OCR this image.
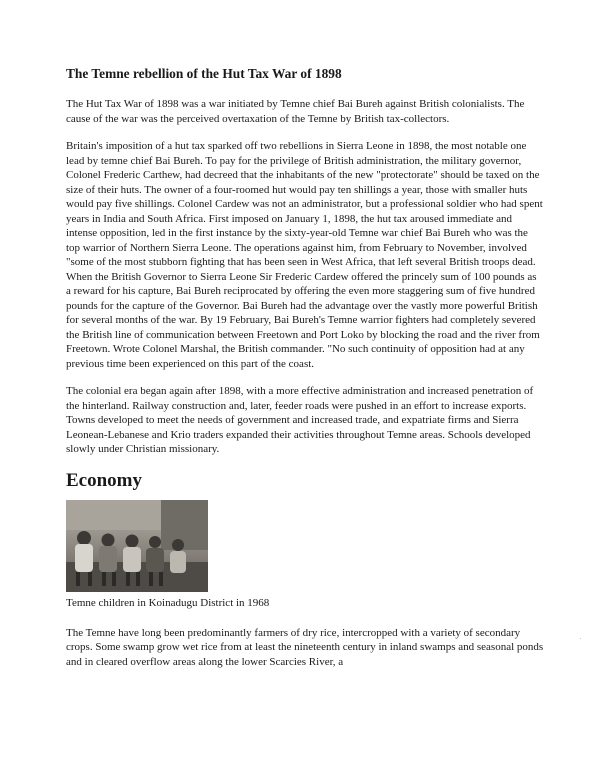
The Temne rebellion of the Hut Tax War of 1898

The Hut Tax War of 1898 was a war initiated by Temne chief Bai Bureh against British colonialists. The cause of the war was the perceived overtaxation of the Temne by British tax-collectors.

Britain's imposition of a hut tax sparked off two rebellions in Sierra Leone in 1898, the most notable one lead by temne chief Bai Bureh. To pay for the privilege of British administration, the military governor, Colonel Frederic Carthew, had decreed that the inhabitants of the new "protectorate" should be taxed on the size of their huts. The owner of a four-roomed hut would pay ten shillings a year, those with smaller huts would pay five shillings. Colonel Cardew was not an administrator, but a professional soldier who had spent years in India and South Africa. First imposed on January 1, 1898, the hut tax aroused immediate and intense opposition, led in the first instance by the sixty-year-old Temne war chief Bai Bureh who was the top warrior of Northern Sierra Leone. The operations against him, from February to November, involved "some of the most stubborn fighting that has been seen in West Africa, that left several British troops dead. When the British Governor to Sierra Leone Sir Frederic Cardew offered the princely sum of 100 pounds as a reward for his capture, Bai Bureh reciprocated by offering the even more staggering sum of five hundred pounds for the capture of the Governor. Bai Bureh had the advantage over the vastly more powerful British for several months of the war. By 19 February, Bai Bureh's Temne warrior fighters had completely severed the British line of communication between Freetown and Port Loko by blocking the road and the river from Freetown. Wrote Colonel Marshal, the British commander. "No such continuity of opposition had at any previous time been experienced on this part of the coast.

The colonial era began again after 1898, with a more effective administration and increased penetration of the hinterland. Railway construction and, later, feeder roads were pushed in an effort to increase exports. Towns developed to meet the needs of government and increased trade, and expatriate firms and Sierra Leonean-Lebanese and Krio traders expanded their activities throughout Temne areas. Schools developed slowly under Christian missionary.

Economy
Temne children in Koinadugu District in 1968

The Temne have long been predominantly farmers of dry rice, intercropped with a variety of secondary crops. Some swamp grow wet rice from at least the nineteenth century in inland swamps and seasonal ponds and in cleared overflow areas along the lower Scarcies River, a
